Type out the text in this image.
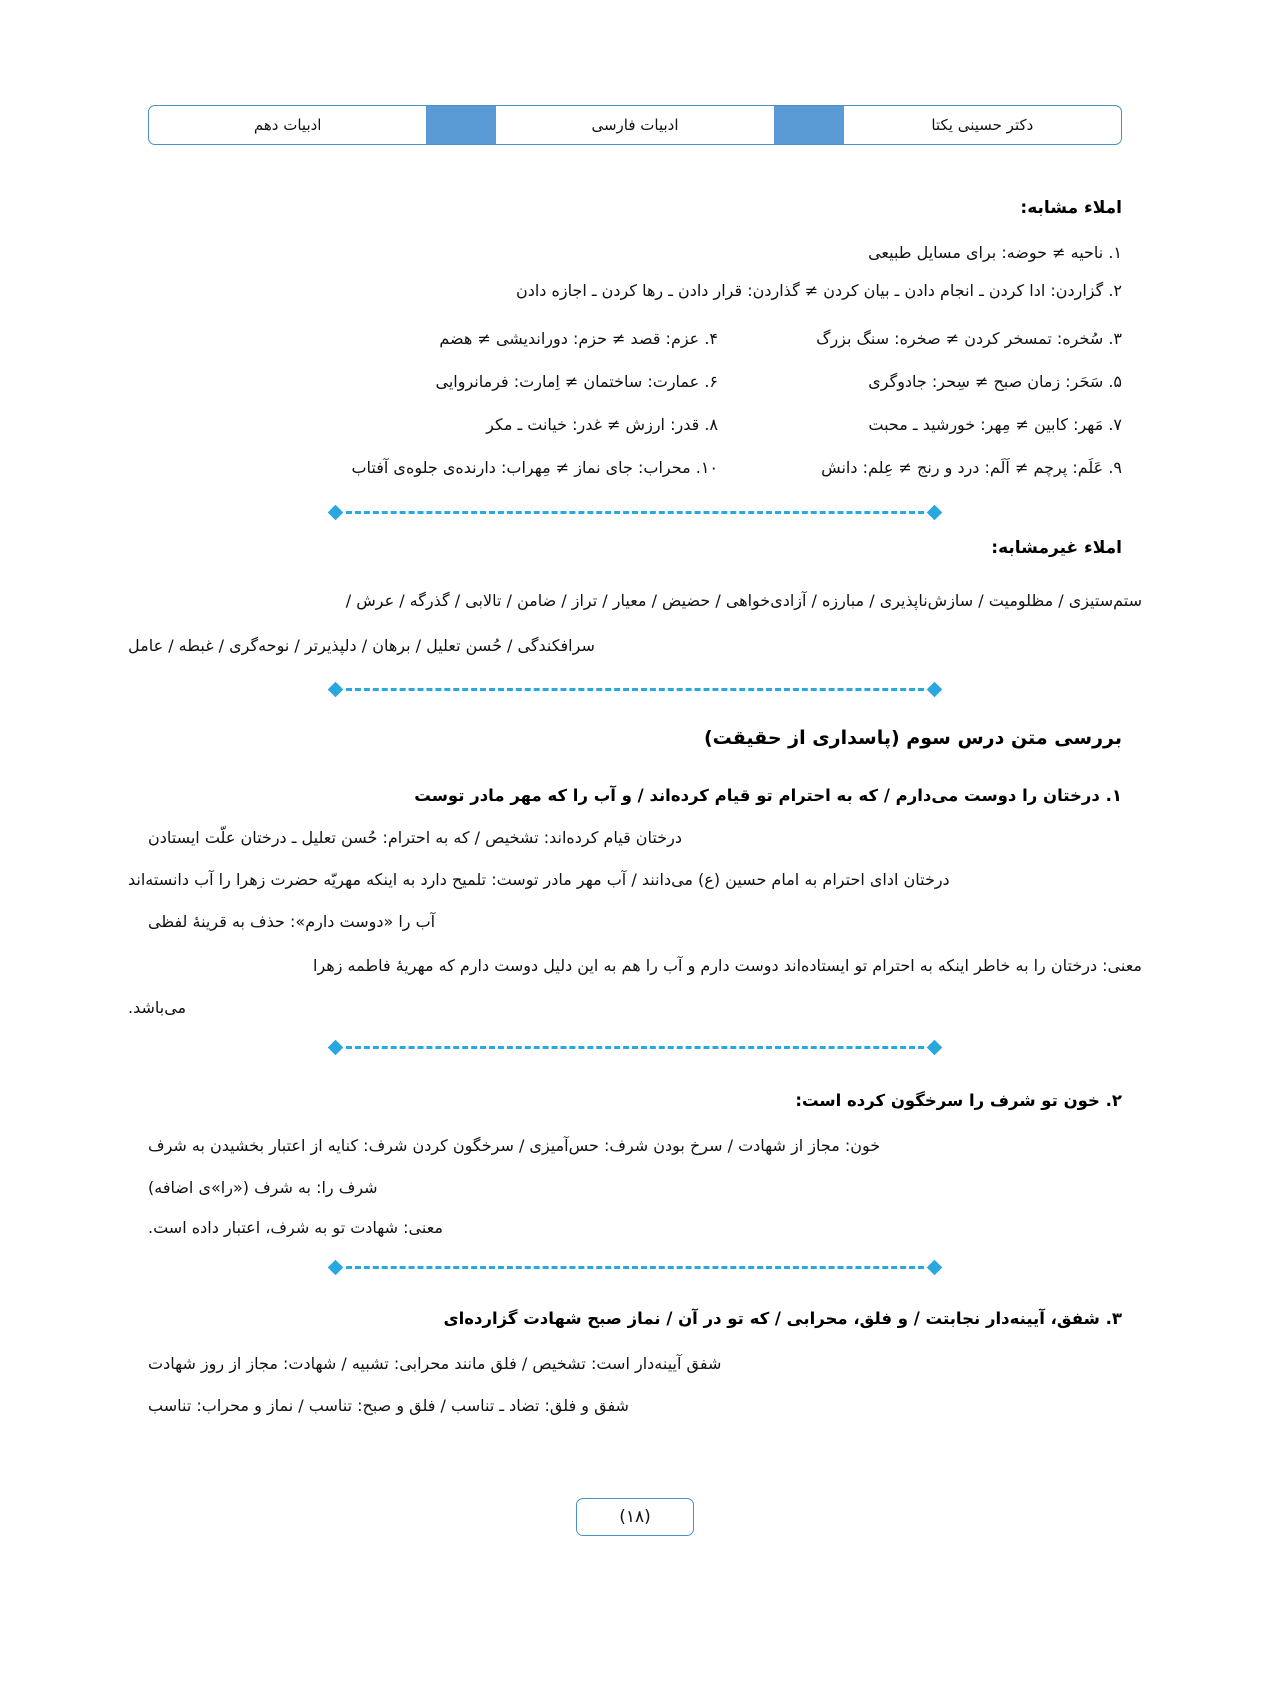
دکتر حسینی یکتا
ادبیات فارسی
ادبیات دهم
املاء مشابه:
۱. ناحیه ≠ حوضه: برای مسایل طبیعی
۲. گزاردن: ادا کردن ـ انجام دادن ـ بیان کردن ≠ گذاردن: قرار دادن ـ رها کردن ـ اجازه دادن
۳. سُخره: تمسخر کردن ≠ صخره: سنگ بزرگ
۴. عزم: قصد ≠ حزم: دوراندیشی ≠ هضم
۵. سَحَر: زمان صبح ≠ سِحر: جادوگری
۶. عمارت: ساختمان ≠ اِمارت: فرمانروایی
۷. مَهر: کابین ≠ مِهر: خورشید ـ محبت
۸. قدر: ارزش ≠ غدر: خیانت ـ مکر
۹. عَلَم: پرچم ≠ اَلَم: درد و رنج ≠ عِلم: دانش
۱۰. محراب: جای نماز ≠ مِهراب: دارنده‌ی جلوه‌ی آفتاب
املاء غیرمشابه:
ستم‌ستیزی / مظلومیت / سازش‌ناپذیری / مبارزه / آزادی‌خواهی / حضیض / معیار / تراز / ضامن / تالابی / گذرگه / عرش /
سرافکندگی / حُسن تعلیل / برهان / دلپذیرتر / نوحه‌گری / غبطه / عامل
بررسی متن درس سوم (پاسداری از حقیقت)
۱. درختان را دوست می‌دارم / که به احترام تو قیام کرده‌اند / و آب را که مهر مادر توست
درختان قیام کرده‌اند: تشخیص / که به احترام: حُسن تعلیل ـ درختان علّت ایستادن
درختان ادای احترام به امام حسین (ع) می‌دانند / آب مهر مادر توست: تلمیح دارد به اینکه مهریّه حضرت زهرا را آب دانسته‌اند
آب را «دوست دارم»: حذف به قرینهٔ لفظی
معنی: درختان را به خاطر اینکه به احترام تو ایستاده‌اند دوست دارم و آب را هم به این دلیل دوست دارم که مهریهٔ فاطمه زهرا
می‌باشد.
۲. خون تو شرف را سرخگون کرده است:
خون: مجاز از شهادت / سرخ بودن شرف: حس‌آمیزی / سرخگون کردن شرف: کنایه از اعتبار بخشیدن به شرف
شرف را: به شرف («را»ی اضافه)
معنی: شهادت تو به شرف، اعتبار داده است.
۳. شفق، آیینه‌دار نجابتت / و فلق، محرابی / که تو در آن / نماز صبح شهادت گزارده‌ای
شفق آیینه‌دار است: تشخیص / فلق مانند محرابی: تشبیه / شهادت: مجاز از روز شهادت
شفق و فلق: تضاد ـ تناسب / فلق و صبح: تناسب / نماز و محراب: تناسب
(۱۸)
